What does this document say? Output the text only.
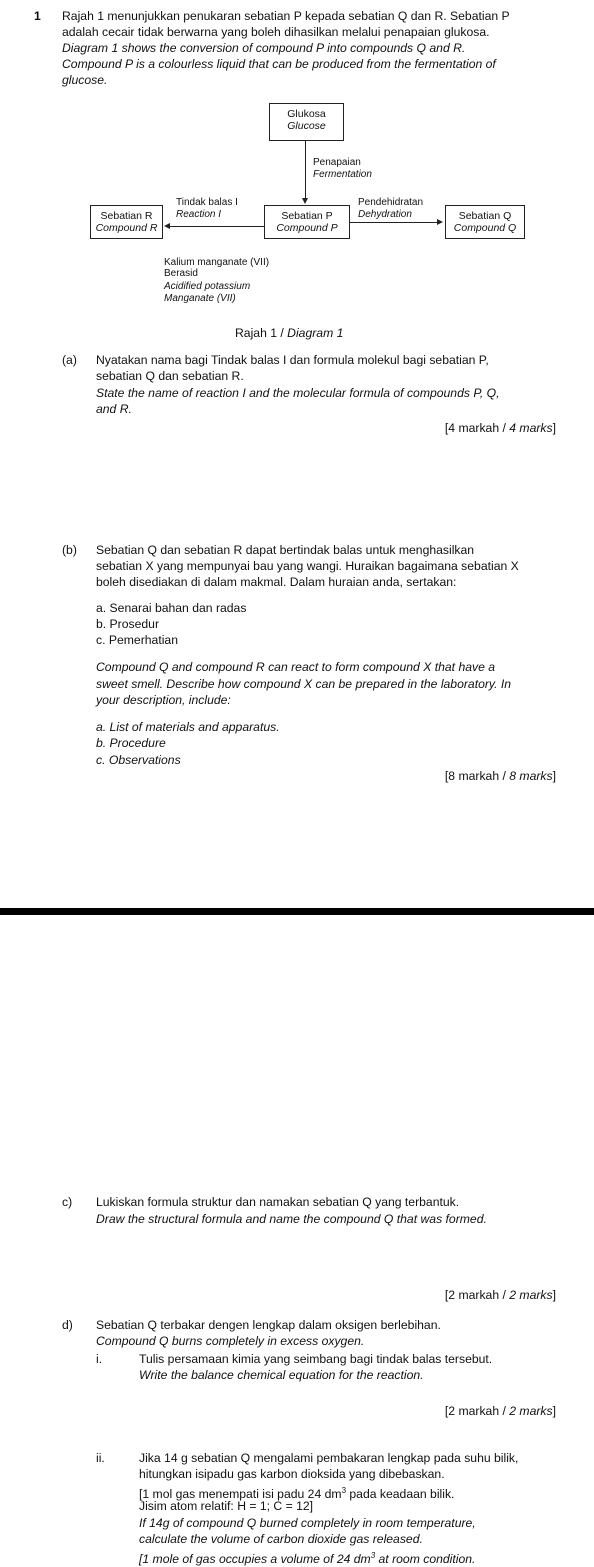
1 Rajah 1 menunjukkan penukaran sebatian P kepada sebatian Q dan R. Sebatian P
adalah cecair tidak berwarna yang boleh dihasilkan melalui penapaian glukosa.
Diagram 1 shows the conversion of compound P into compounds Q and R.
Compound P is a colourless liquid that can be produced from the fermentation of
glucose.
Glukosa
Glucose
Penapaian
Fermentation
Sebatian P
Compound P
Sebatian R
Compound R
Sebatian Q
Compound Q
Tindak balas I
Reaction I
Pendehidratan
Dehydration
Kalium manganate (VII)
Berasid
Acidified potassium
Manganate (VII)
Rajah 1 / Diagram 1
(a) Nyatakan nama bagi Tindak balas I dan formula molekul bagi sebatian P,
sebatian Q dan sebatian R.
State the name of reaction I and the molecular formula of compounds P, Q,
and R.
[4 markah / 4 marks]
(b) Sebatian Q dan sebatian R dapat bertindak balas untuk menghasilkan
sebatian X yang mempunyai bau yang wangi. Huraikan bagaimana sebatian X
boleh disediakan di dalam makmal. Dalam huraian anda, sertakan:
a. Senarai bahan dan radas
b. Prosedur
c. Pemerhatian
Compound Q and compound R can react to form compound X that have a
sweet smell. Describe how compound X can be prepared in the laboratory. In
your description, include:
a. List of materials and apparatus.
b. Procedure
c. Observations
[8 markah / 8 marks]
c) Lukiskan formula struktur dan namakan sebatian Q yang terbantuk.
Draw the structural formula and name the compound Q that was formed.
[2 markah / 2 marks]
d) Sebatian Q terbakar dengen lengkap dalam oksigen berlebihan.
Compound Q burns completely in excess oxygen.
i.	Tulis persamaan kimia yang seimbang bagi tindak balas tersebut.
Write the balance chemical equation for the reaction.
[2 markah / 2 marks]
ii.	Jika 14 g sebatian Q mengalami pembakaran lengkap pada suhu bilik,
hitungkan isipadu gas karbon dioksida yang dibebaskan.
[1 mol gas menempati isi padu 24 $dm^3$ pada keadaan bilik.
Jisim atom relatif: H = 1; C = 12]
If 14g of compound Q burned completely in room temperature,
calculate the volume of carbon dioxide gas released.
[1 mole of gas occupies a volume of 24 $dm^3$ at room condition.
